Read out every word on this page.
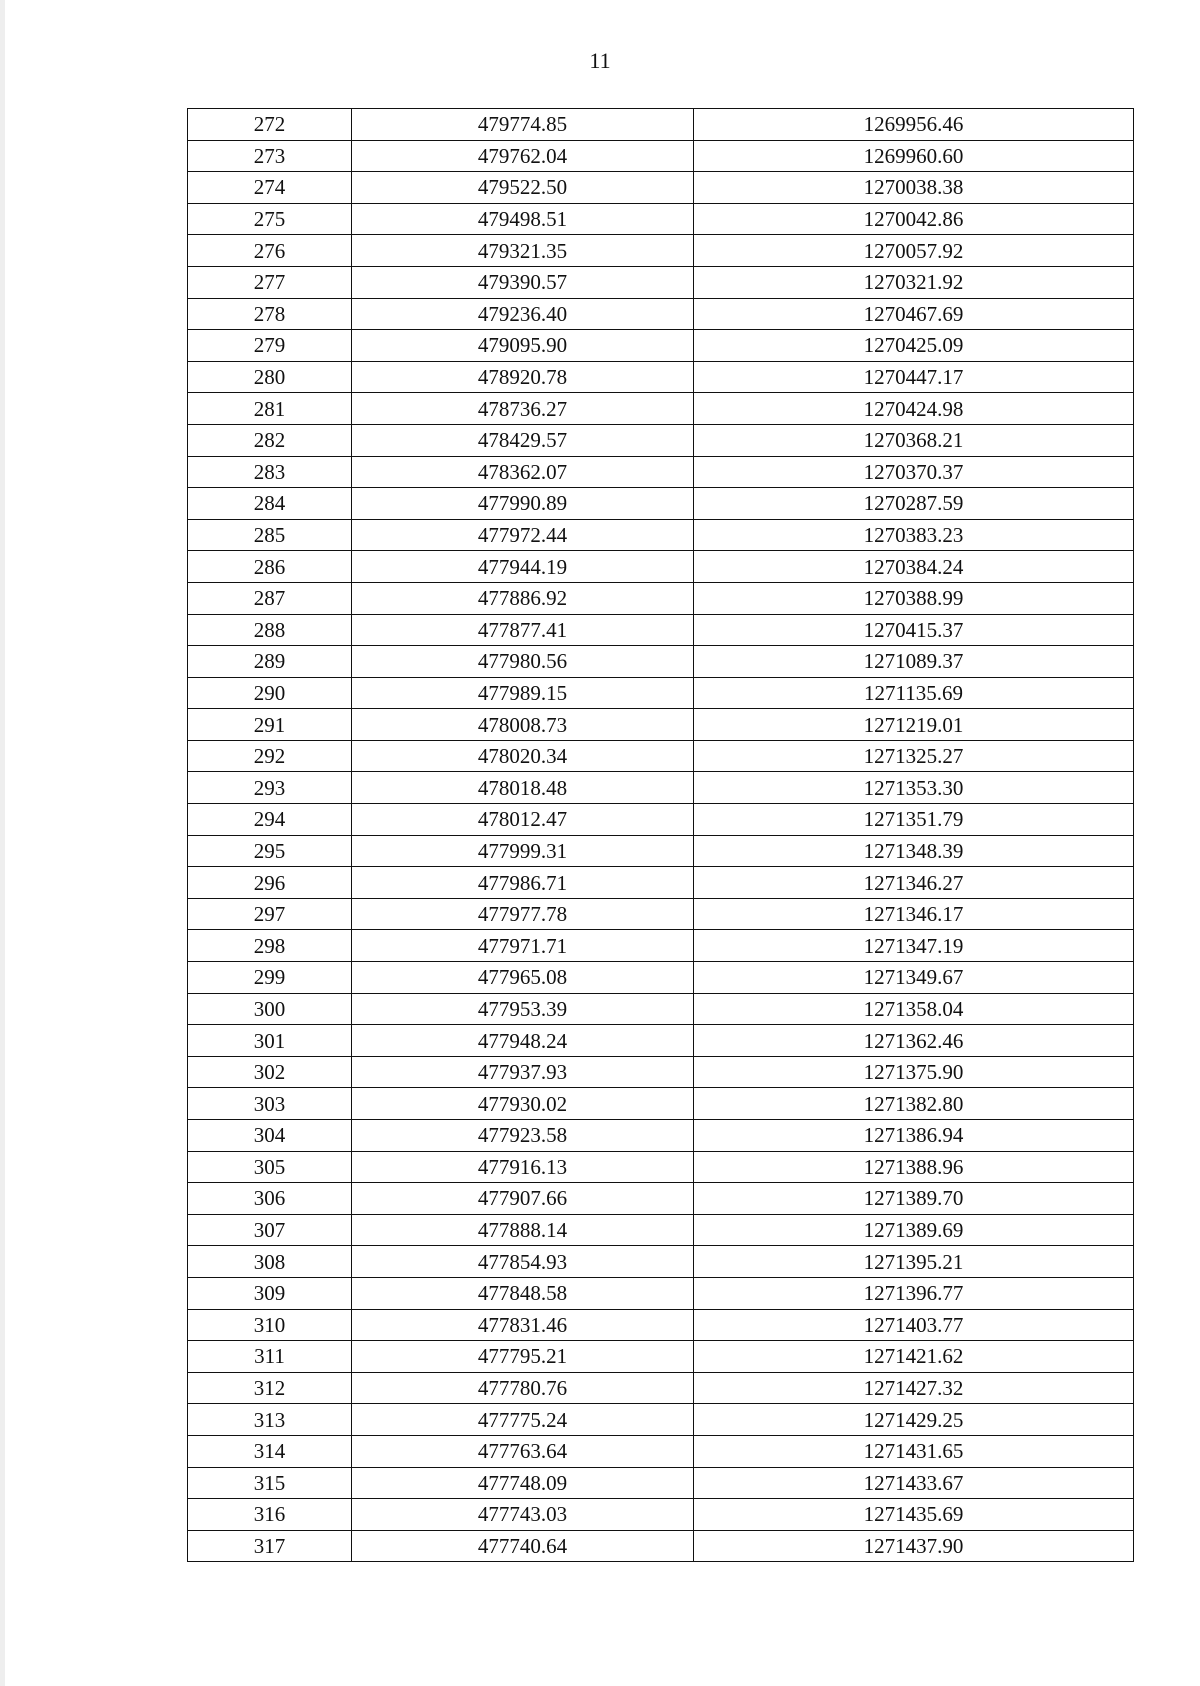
11
272	479774.85	1269956.46
273	479762.04	1269960.60
274	479522.50	1270038.38
275	479498.51	1270042.86
276	479321.35	1270057.92
277	479390.57	1270321.92
278	479236.40	1270467.69
279	479095.90	1270425.09
280	478920.78	1270447.17
281	478736.27	1270424.98
282	478429.57	1270368.21
283	478362.07	1270370.37
284	477990.89	1270287.59
285	477972.44	1270383.23
286	477944.19	1270384.24
287	477886.92	1270388.99
288	477877.41	1270415.37
289	477980.56	1271089.37
290	477989.15	1271135.69
291	478008.73	1271219.01
292	478020.34	1271325.27
293	478018.48	1271353.30
294	478012.47	1271351.79
295	477999.31	1271348.39
296	477986.71	1271346.27
297	477977.78	1271346.17
298	477971.71	1271347.19
299	477965.08	1271349.67
300	477953.39	1271358.04
301	477948.24	1271362.46
302	477937.93	1271375.90
303	477930.02	1271382.80
304	477923.58	1271386.94
305	477916.13	1271388.96
306	477907.66	1271389.70
307	477888.14	1271389.69
308	477854.93	1271395.21
309	477848.58	1271396.77
310	477831.46	1271403.77
311	477795.21	1271421.62
312	477780.76	1271427.32
313	477775.24	1271429.25
314	477763.64	1271431.65
315	477748.09	1271433.67
316	477743.03	1271435.69
317	477740.64	1271437.90
